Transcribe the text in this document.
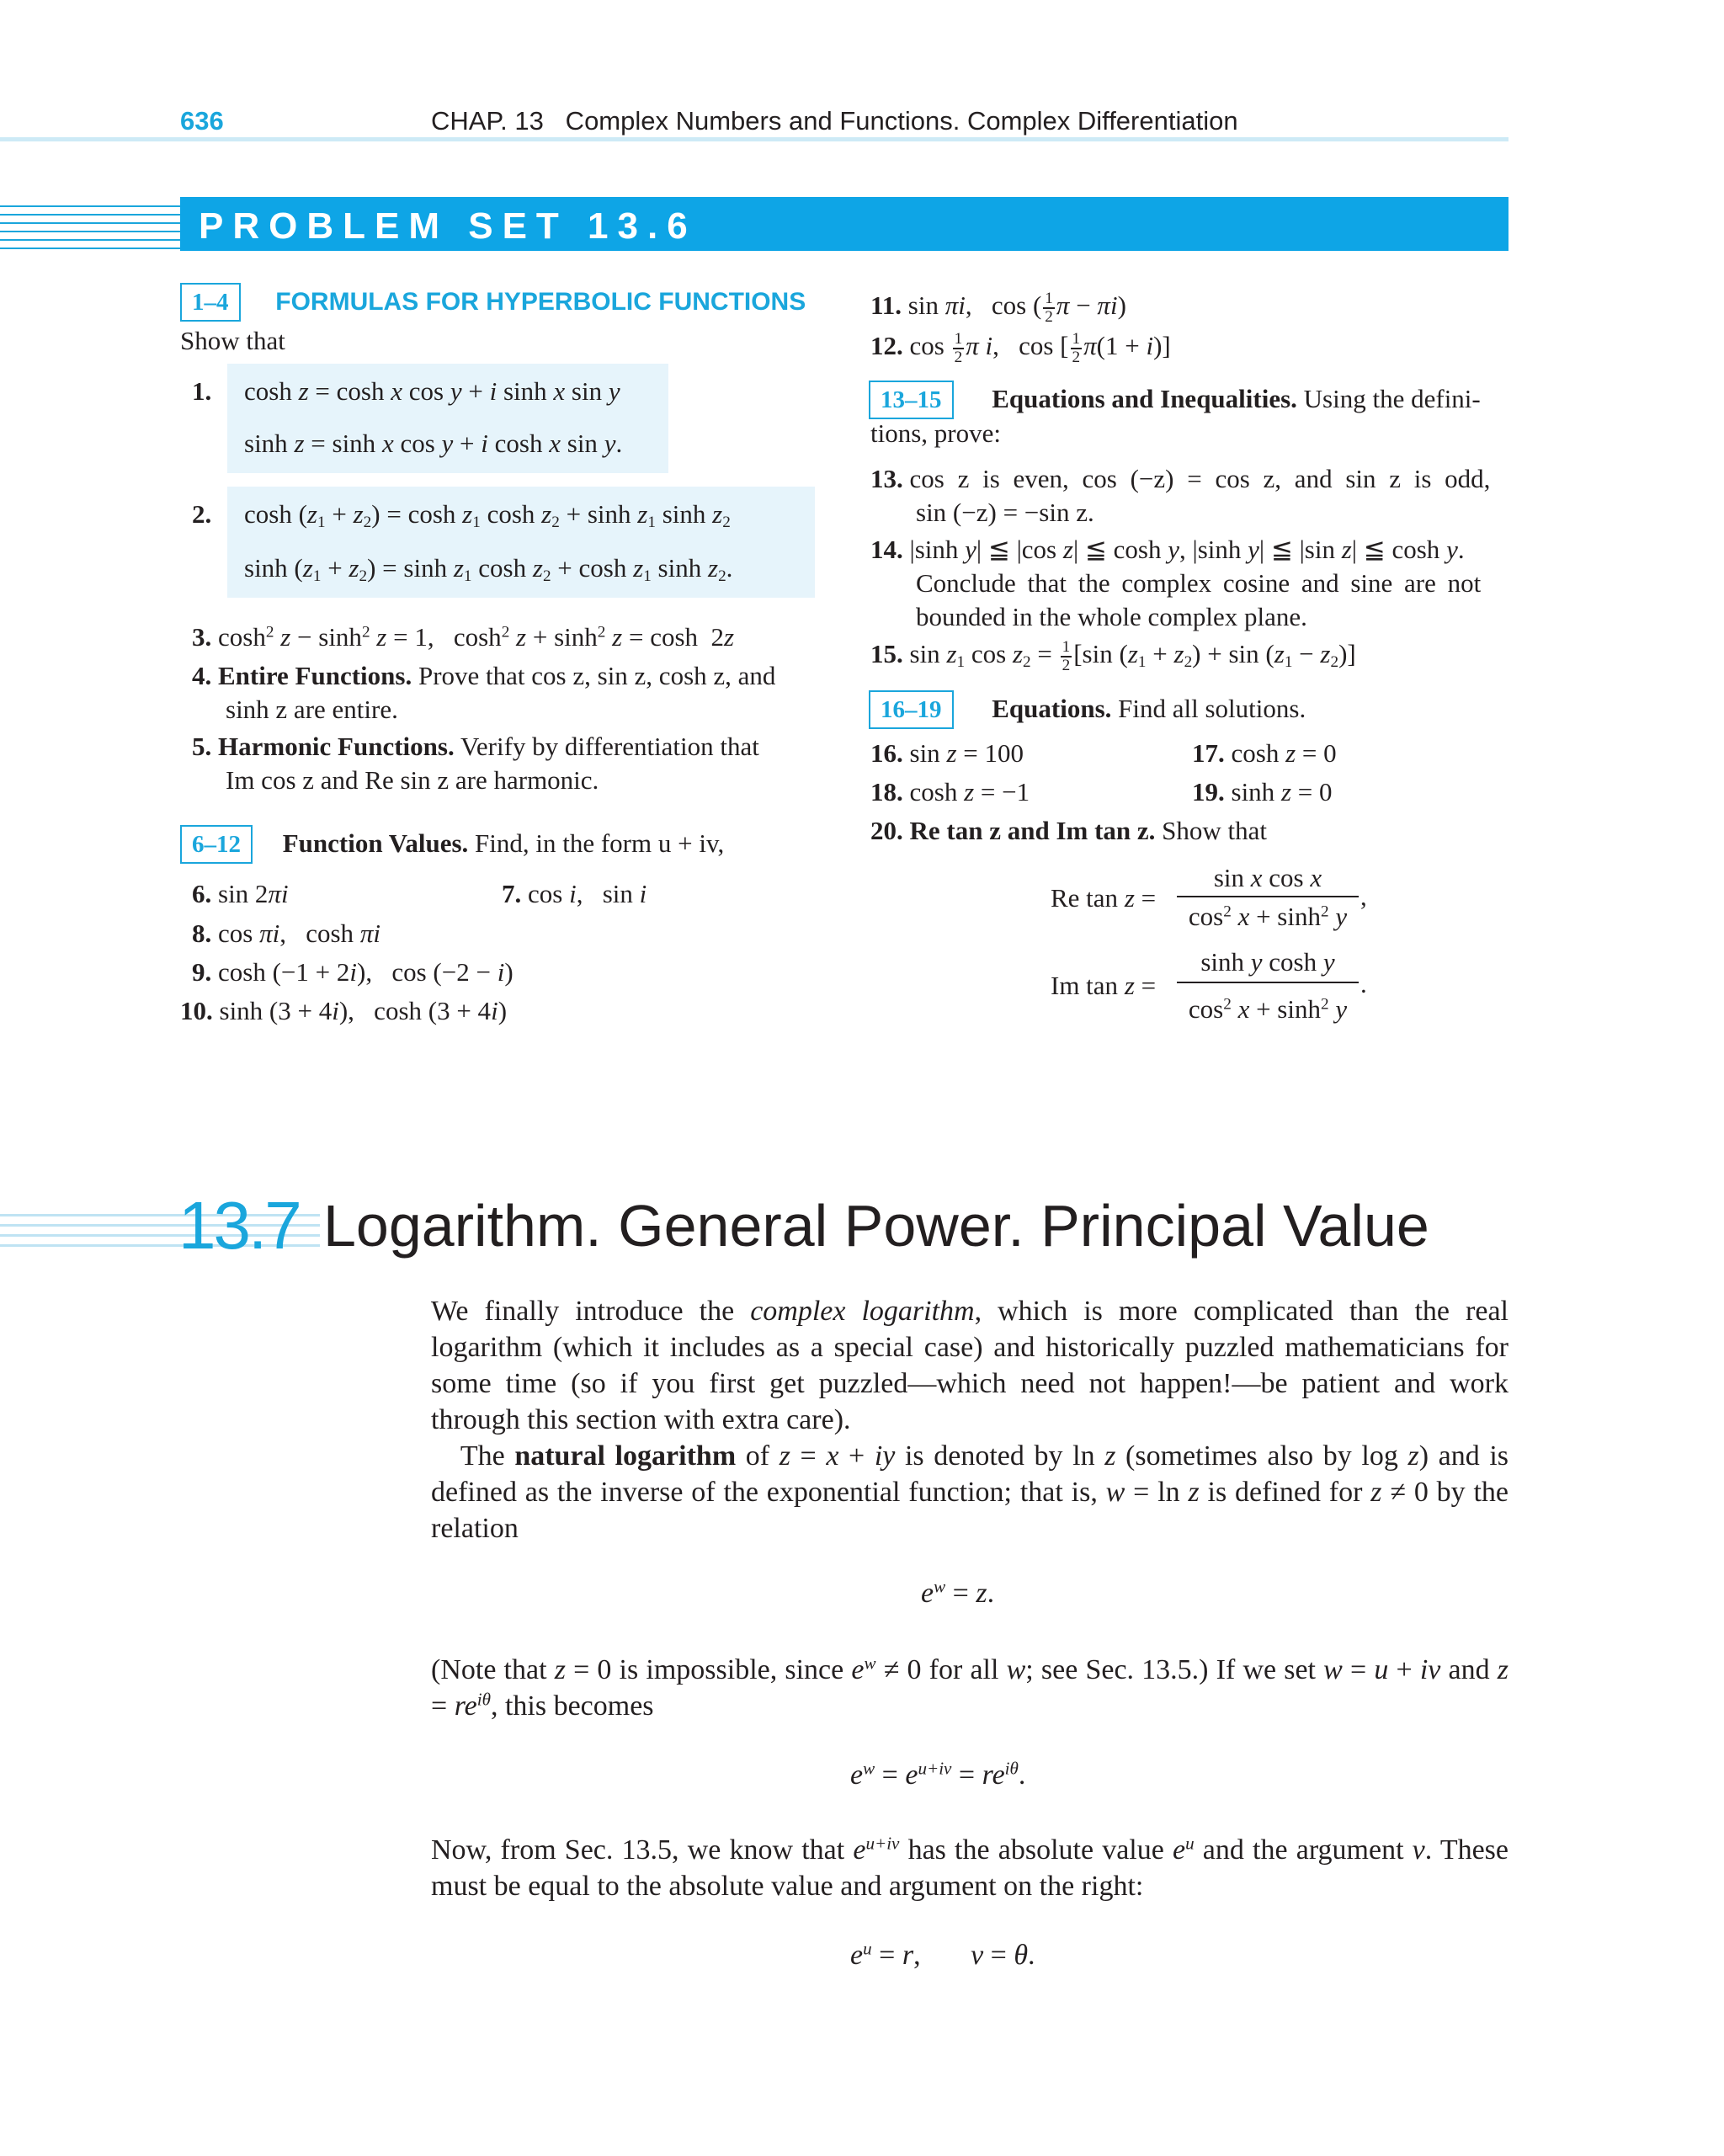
636	CHAP. 13   Complex Numbers and Functions. Complex Differentiation
PROBLEM SET 13.6
1–4 FORMULAS FOR HYPERBOLIC FUNCTIONS
Show that
1. cosh z = cosh x cos y + i sinh x sin y
sinh z = sinh x cos y + i cosh x sin y.
2. $\cosh (z_1 + z_2) = \cosh z_1$ $\cosh z_2 + \sinh z_1$ $\sinh z_2$
$\sinh (z_1 + z_2) = \sinh z_1$ $\cosh z_2 + \cosh z_1$ $\sinh z_2$.
3. $\cosh^2 z - \sinh^2 z = 1$,   $\cosh^2 z + \sinh^2 z = \cosh 2z$
4. Entire Functions. Prove that cos z, sin z, cosh z, and
sinh z are entire.
5. Harmonic Functions. Verify by differentiation that
Im cos z and Re sin z are harmonic.
6–12 Function Values. Find, in the form u + iv,
6. sin 2πi	7. cos i,   sin i
8. cos πi,   cosh πi
9. cosh (−1 + 2i),   cos (−2 − i)
10. sinh (3 + 4i),   cosh (3 + 4i)
11. sin πi,   cos ( $\frac{1}{2}$ π − πi)
12. $\cos \frac{1}{2}$ π i,   cos [ $\frac{1}{2} \pi(1 + i)$]
13–15 Equations and Inequalities. Using the defini-
tions, prove:
13. cos z is even, cos (−z) = cos z, and sin z is odd,
sin (−z) = −sin z.
14. |sinh y| ≦ |cos z| ≦ cosh y, |sinh y| ≦ |sin z| ≦ cosh y.
Conclude that the complex cosine and sine are not
bounded in the whole complex plane.
15. $\sin z_1$ $\cos z_2 = \frac{1}{2} [\sin$ $(z_1 + z_2) + \sin (z_1 - z_2)$]
16–19 Equations. Find all solutions.
16. sin z = 100	17. cosh z = 0
18. cosh z = −1	19. sinh z = 0
20. Re tan z and Im tan z. Show that
Re tan z =
sin x cos x
$\cos^2 x + \sinh^2 y$
,
Im tan z =
sinh y cosh y
$\cos^2 x + \sinh^2 y$
.
13.7 Logarithm. General Power. Principal Value
We finally introduce the complex logarithm, which is more complicated than the real logarithm (which it includes as a special case) and historically puzzled mathematicians for some time (so if you first get puzzled—which need not happen!—be patient and work through this section with extra care).
The natural logarithm of z = x + iy is denoted by ln z (sometimes also by log z) and is defined as the inverse of the exponential function; that is, w = ln z is defined for z ≠ 0 by the relation
$e^w = z$.
(Note that z = 0 is impossible, since $e^w \ne 0$ for all w; see Sec. 13.5.) If we set w = u + iv and $z = re^{i\theta}$, this becomes
$e^w = e^{u+iv} = re^{i\theta}$.
Now, from Sec. 13.5, we know that $e^{u+iv}$ has the absolute value $e^u$ and the argument v. These must be equal to the absolute value and argument on the right:
$e^u = r$,       v = θ.
